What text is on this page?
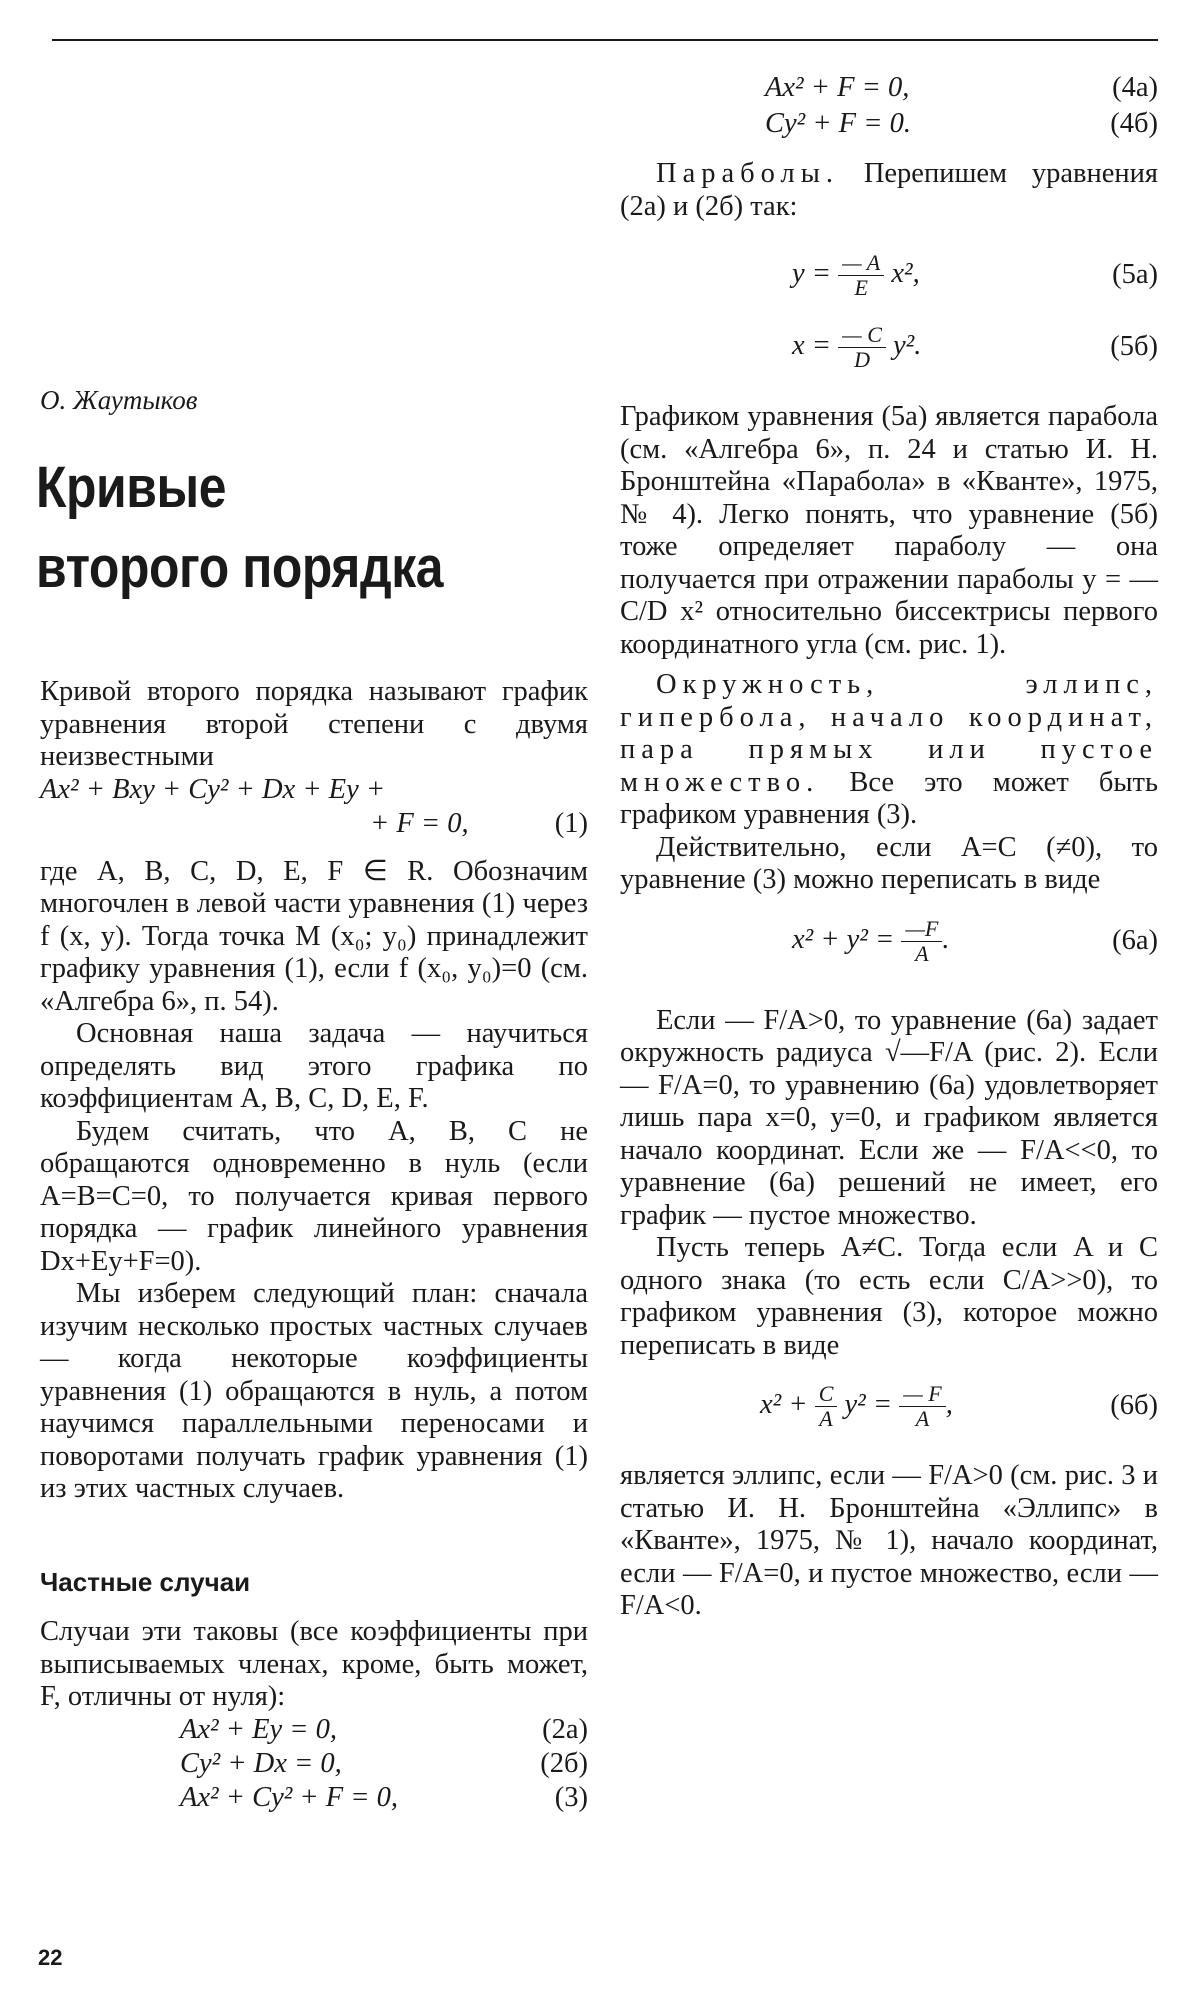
О. Жаутыков
Кривые
второго порядка

Кривой второго порядка называют график уравнения второй степени с двумя неизвестными

Ax² + Bxy + Cy² + Dx + Ey +
+ F = 0,	(1)

где A, B, C, D, E, F ∈ R. Обозначим многочлен в левой части уравнения (1) через f (x, y). Тогда точка M (x₀; y₀) принадлежит графику уравнения (1), если f (x₀, y₀)=0 (см. «Алгебра 6», п. 54).

Основная наша задача — научиться определять вид этого графика по коэффициентам A, B, C, D, E, F.

Будем считать, что A, B, C не обращаются одновременно в нуль (если A=B=C=0, то получается кривая первого порядка — график линейного уравнения Dx+Ey+F=0).

Мы изберем следующий план: сначала изучим несколько простых частных случаев — когда некоторые коэффициенты уравнения (1) обращаются в нуль, а потом научимся параллельными переносами и поворотами получать график уравнения (1) из этих частных случаев.

Частные случаи

Случаи эти таковы (все коэффициенты при выписываемых членах, кроме, быть может, F, отличны от нуля):

Ax² + Ey = 0,	(2а)
Cy² + Dx = 0,	(2б)
Ax² + Cy² + F = 0,	(3)
Ax² + F = 0,	(4а)
Cy² + F = 0.	(4б)

Параболы. Перепишем уравнения (2а) и (2б) так:

$y = \frac{— A}{E} x^2$,	(5а)
$x = \frac{— C}{D} y^2$.	(5б)

Графиком уравнения (5а) является парабола (см. «Алгебра 6», п. 24 и статью И. Н. Бронштейна «Парабола» в «Кванте», 1975, № 4). Легко понять, что уравнение (5б) тоже определяет параболу — она получается при отражении параболы y = — C/D x² относительно биссектрисы первого координатного угла (см. рис. 1).

Окружность, эллипс, гипербола, начало координат, пара прямых или пустое множество. Все это может быть графиком уравнения (3).

Действительно, если A=C (≠0), то уравнение (3) можно переписать в виде

$x^2 + y^2 = \frac{—F}{A}$ .	(6а)

Если — F/A>0, то уравнение (6а) задает окружность радиуса √—F/A (рис. 2). Если — F/A=0, то уравнению (6а) удовлетворяет лишь пара x=0, y=0, и графиком является начало координат. Если же — F/A<<0, то уравнение (6а) решений не имеет, его график — пустое множество.

Пусть теперь A≠C. Тогда если A и C одного знака (то есть если C/A>>0), то графиком уравнения (3), которое можно переписать в виде

$x^2 + \frac{C}{A} y^2 = \frac{— F}{A}$ ,	(6б)

является эллипс, если — F/A>0 (см. рис. 3 и статью И. Н. Бронштейна «Эллипс» в «Кванте», 1975, № 1), начало координат, если — F/A=0, и пустое множество, если — F/A<0.

22
